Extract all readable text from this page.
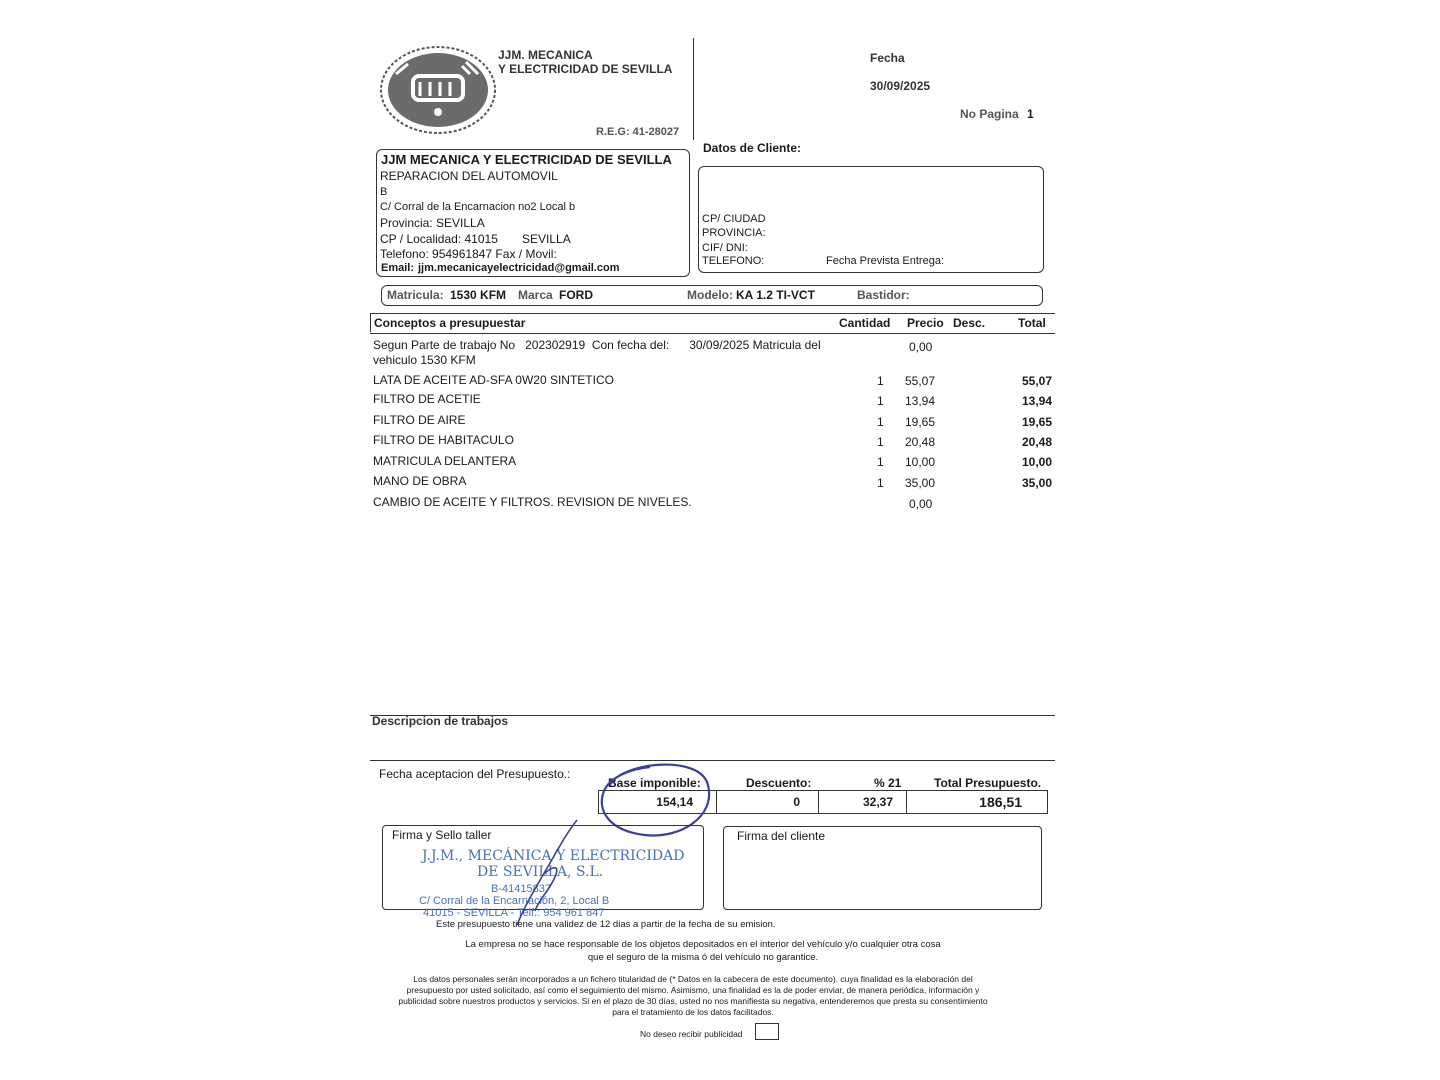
JJM. MECANICA
Y ELECTRICIDAD DE SEVILLA
R.E.G: 41-28027
Fecha
30/09/2025
No Pagina 1
JJM MECANICA Y ELECTRICIDAD DE SEVILLA
REPARACION DEL AUTOMOVIL
B
C/ Corral de la Encarnacion no2 Local b
Provincia: SEVILLA
CP / Localidad: 41015 SEVILLA
Telefono: 954961847 Fax / Movil:
Email: jjm.mecanicayelectricidad@gmail.com
Datos de Cliente:
CP/ CIUDAD
PROVINCIA:
CIF/ DNI:
TELEFONO:	Fecha Prevista Entrega:
Matricula: 1530 KFM Marca FORD	Modelo: KA 1.2 TI-VCT	Bastidor:
Conceptos a presupuestar	Cantidad Precio Desc.	Total
Segun Parte de trabajo No   202302919  Con fecha del:      30/09/2025 Matricula del
vehiculo 1530 KFM
0,00
LATA DE ACEITE AD-SFA 0W20 SINTETICO	1 55,07	55,07
FILTRO DE ACETIE	1 13,94	13,94
FILTRO DE AIRE	1 19,65	19,65
FILTRO DE HABITACULO	1 20,48	20,48
MATRICULA DELANTERA	1 10,00	10,00
MANO DE OBRA	1 35,00	35,00
CAMBIO DE ACEITE Y FILTROS. REVISION DE NIVELES.	0,00
Descripcion de trabajos
Fecha aceptacion del Presupuesto.:
Base imponible:	Descuento:	% 21	Total Presupuesto.
154,14	0	32,37	186,51
Firma y Sello taller	Firma del cliente
J.J.M., MECÁNICA Y ELECTRICIDAD
DE SEVILLA, S.L.
B-41415837
C/ Corral de la Encarnación, 2, Local B
41015 - SEVILLA - Telf.: 954 961 847
Este presupuesto tiene una validez de 12 dias a partir de la fecha de su emision.
La empresa no se hace responsable de los objetos depositados en el interior del vehículo y/o cualquier otra cosa
que el seguro de la misma ó del vehículo no garantice.
Los datos personales serán incorporados a un fichero titularidad de (* Datos en la cabecera de este documento). cuya finalidad es la elaboración del
presupuesto por usted solicitado, así como el seguimiento del mismo. Asimismo, una finalidad es la de poder enviar, de manera periódica, información y
publicidad sobre nuestros productos y servicios. Si en el plazo de 30 días, usted no nos manifiesta su negativa, entenderemos que presta su consentimiento
para el tratamiento de los datos facilitados.
No deseo recibir publicidad
